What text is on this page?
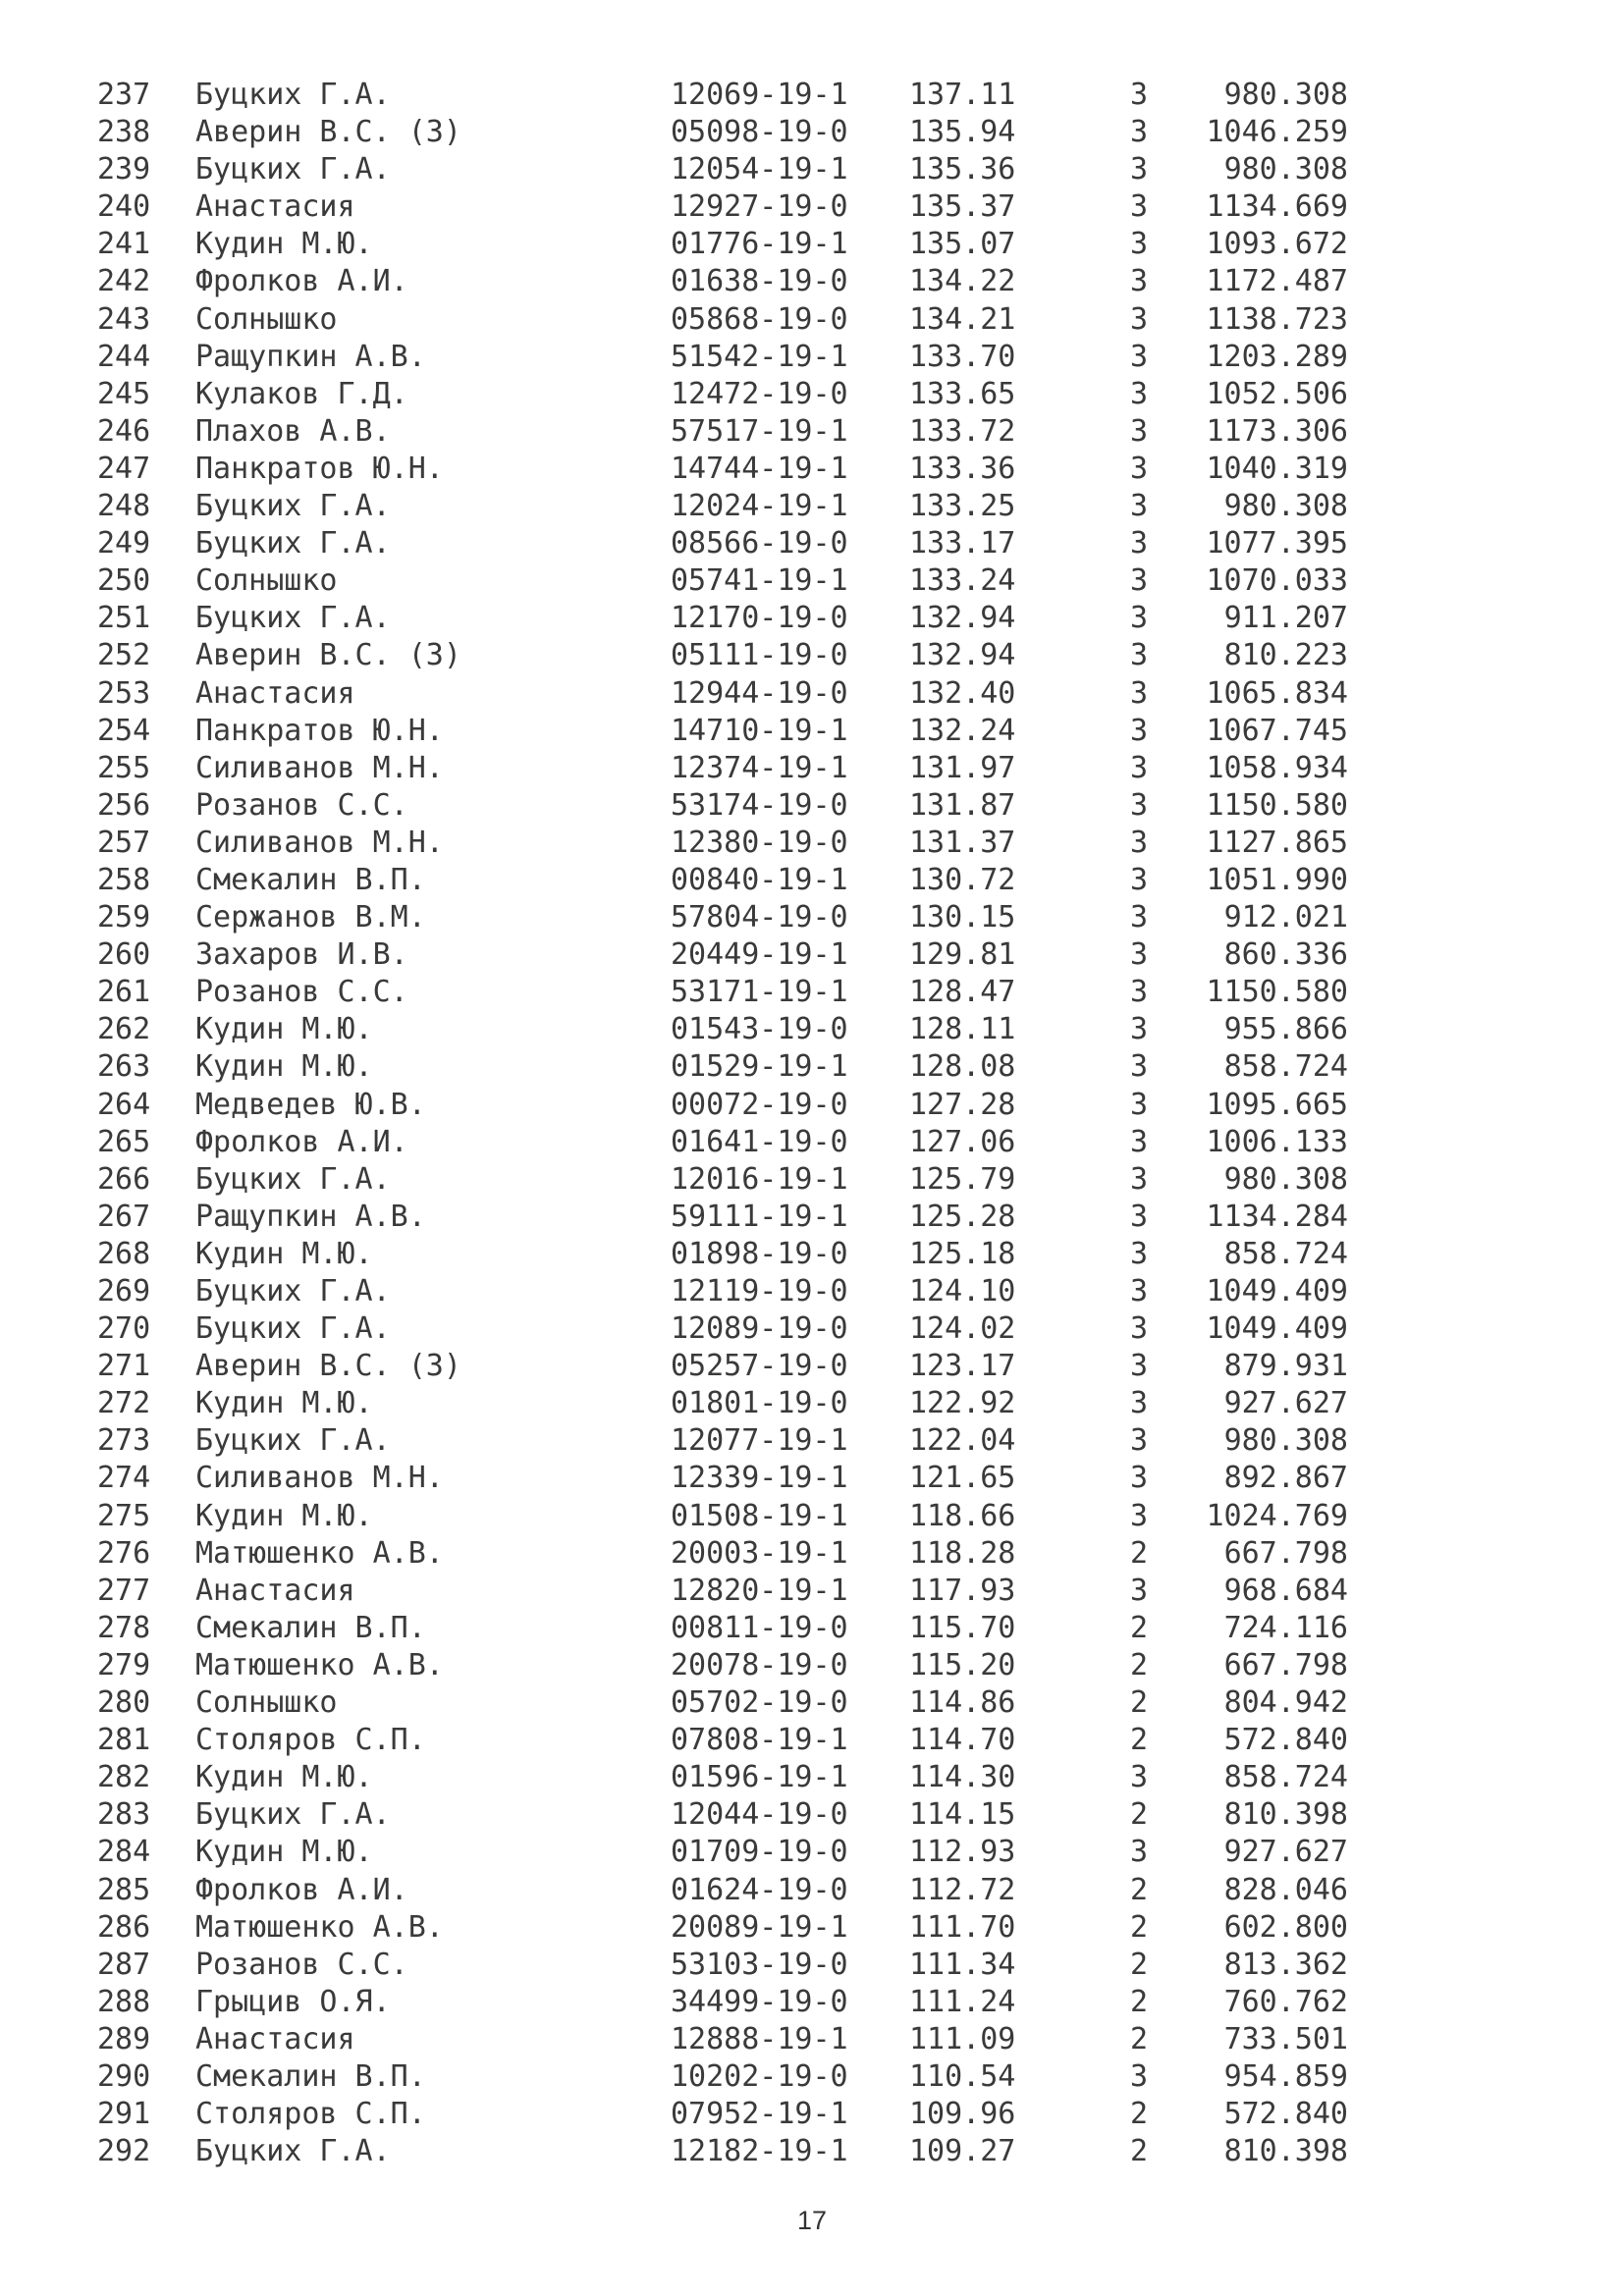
237 Буцких Г.А.	12069-19-1 137.11	3	980.308
238 Аверин В.С. (З)	05098-19-0 135.94	3	1046.259
239 Буцких Г.А.	12054-19-1 135.36	3	980.308
240 Анастасия	12927-19-0 135.37	3	1134.669
241 Кудин М.Ю.	01776-19-1 135.07	3	1093.672
242 Фролков А.И.	01638-19-0 134.22	3	1172.487
243 Солнышко	05868-19-0 134.21	3	1138.723
244 Ращупкин А.В.	51542-19-1 133.70	3	1203.289
245 Кулаков Г.Д.	12472-19-0 133.65	3	1052.506
246 Плахов А.В.	57517-19-1 133.72	3	1173.306
247 Панкратов Ю.Н.	14744-19-1 133.36	3	1040.319
248 Буцких Г.А.	12024-19-1 133.25	3	980.308
249 Буцких Г.А.	08566-19-0 133.17	3	1077.395
250 Солнышко	05741-19-1 133.24	3	1070.033
251 Буцких Г.А.	12170-19-0 132.94	3	911.207
252 Аверин В.С. (З)	05111-19-0 132.94	3	810.223
253 Анастасия	12944-19-0 132.40	3	1065.834
254 Панкратов Ю.Н.	14710-19-1 132.24	3	1067.745
255 Силиванов М.Н.	12374-19-1 131.97	3	1058.934
256 Розанов С.С.	53174-19-0 131.87	3	1150.580
257 Силиванов М.Н.	12380-19-0 131.37	3	1127.865
258 Смекалин В.П.	00840-19-1 130.72	3	1051.990
259 Сержанов В.М.	57804-19-0 130.15	3	912.021
260 Захаров И.В.	20449-19-1 129.81	3	860.336
261 Розанов С.С.	53171-19-1 128.47	3	1150.580
262 Кудин М.Ю.	01543-19-0 128.11	3	955.866
263 Кудин М.Ю.	01529-19-1 128.08	3	858.724
264 Медведев Ю.В.	00072-19-0 127.28	3	1095.665
265 Фролков А.И.	01641-19-0 127.06	3	1006.133
266 Буцких Г.А.	12016-19-1 125.79	3	980.308
267 Ращупкин А.В.	59111-19-1 125.28	3	1134.284
268 Кудин М.Ю.	01898-19-0 125.18	3	858.724
269 Буцких Г.А.	12119-19-0 124.10	3	1049.409
270 Буцких Г.А.	12089-19-0 124.02	3	1049.409
271 Аверин В.С. (З)	05257-19-0 123.17	3	879.931
272 Кудин М.Ю.	01801-19-0 122.92	3	927.627
273 Буцких Г.А.	12077-19-1 122.04	3	980.308
274 Силиванов М.Н.	12339-19-1 121.65	3	892.867
275 Кудин М.Ю.	01508-19-1 118.66	3	1024.769
276 Матюшенко А.В.	20003-19-1 118.28	2	667.798
277 Анастасия	12820-19-1 117.93	3	968.684
278 Смекалин В.П.	00811-19-0 115.70	2	724.116
279 Матюшенко А.В.	20078-19-0 115.20	2	667.798
280 Солнышко	05702-19-0 114.86	2	804.942
281 Столяров С.П.	07808-19-1 114.70	2	572.840
282 Кудин М.Ю.	01596-19-1 114.30	3	858.724
283 Буцких Г.А.	12044-19-0 114.15	2	810.398
284 Кудин М.Ю.	01709-19-0 112.93	3	927.627
285 Фролков А.И.	01624-19-0 112.72	2	828.046
286 Матюшенко А.В.	20089-19-1 111.70	2	602.800
287 Розанов С.С.	53103-19-0 111.34	2	813.362
288 Грыцив О.Я.	34499-19-0 111.24	2	760.762
289 Анастасия	12888-19-1 111.09	2	733.501
290 Смекалин В.П.	10202-19-0 110.54	3	954.859
291 Столяров С.П.	07952-19-1 109.96	2	572.840
292 Буцких Г.А.	12182-19-1 109.27	2	810.398
17
